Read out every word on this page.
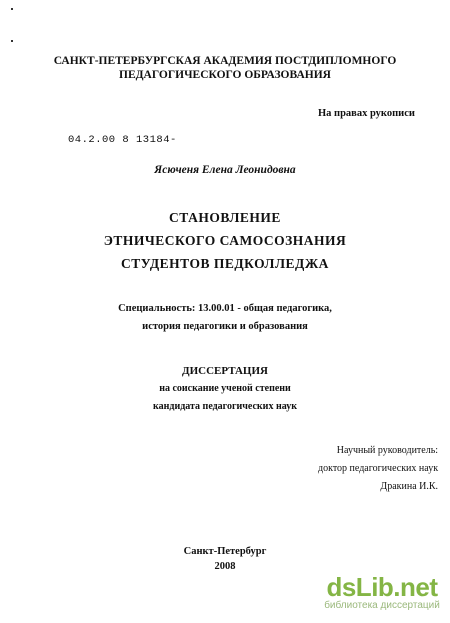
САНКТ-ПЕТЕРБУРГСКАЯ АКАДЕМИЯ ПОСТДИПЛОМНОГО
ПЕДАГОГИЧЕСКОГО ОБРАЗОВАНИЯ
На правах рукописи
04.2.00 8 13184-
Ясюченя Елена Леонидовна
СТАНОВЛЕНИЕ
ЭТНИЧЕСКОГО САМОСОЗНАНИЯ
СТУДЕНТОВ ПЕДКОЛЛЕДЖА
Специальность: 13.00.01 - общая педагогика,
история педагогики и образования
ДИССЕРТАЦИЯ
на соискание ученой степени
кандидата педагогических наук
Научный руководитель:
доктор педагогических наук
Дракина И.К.
Санкт-Петербург
2008
dsLib.net
библиотека диссертаций
